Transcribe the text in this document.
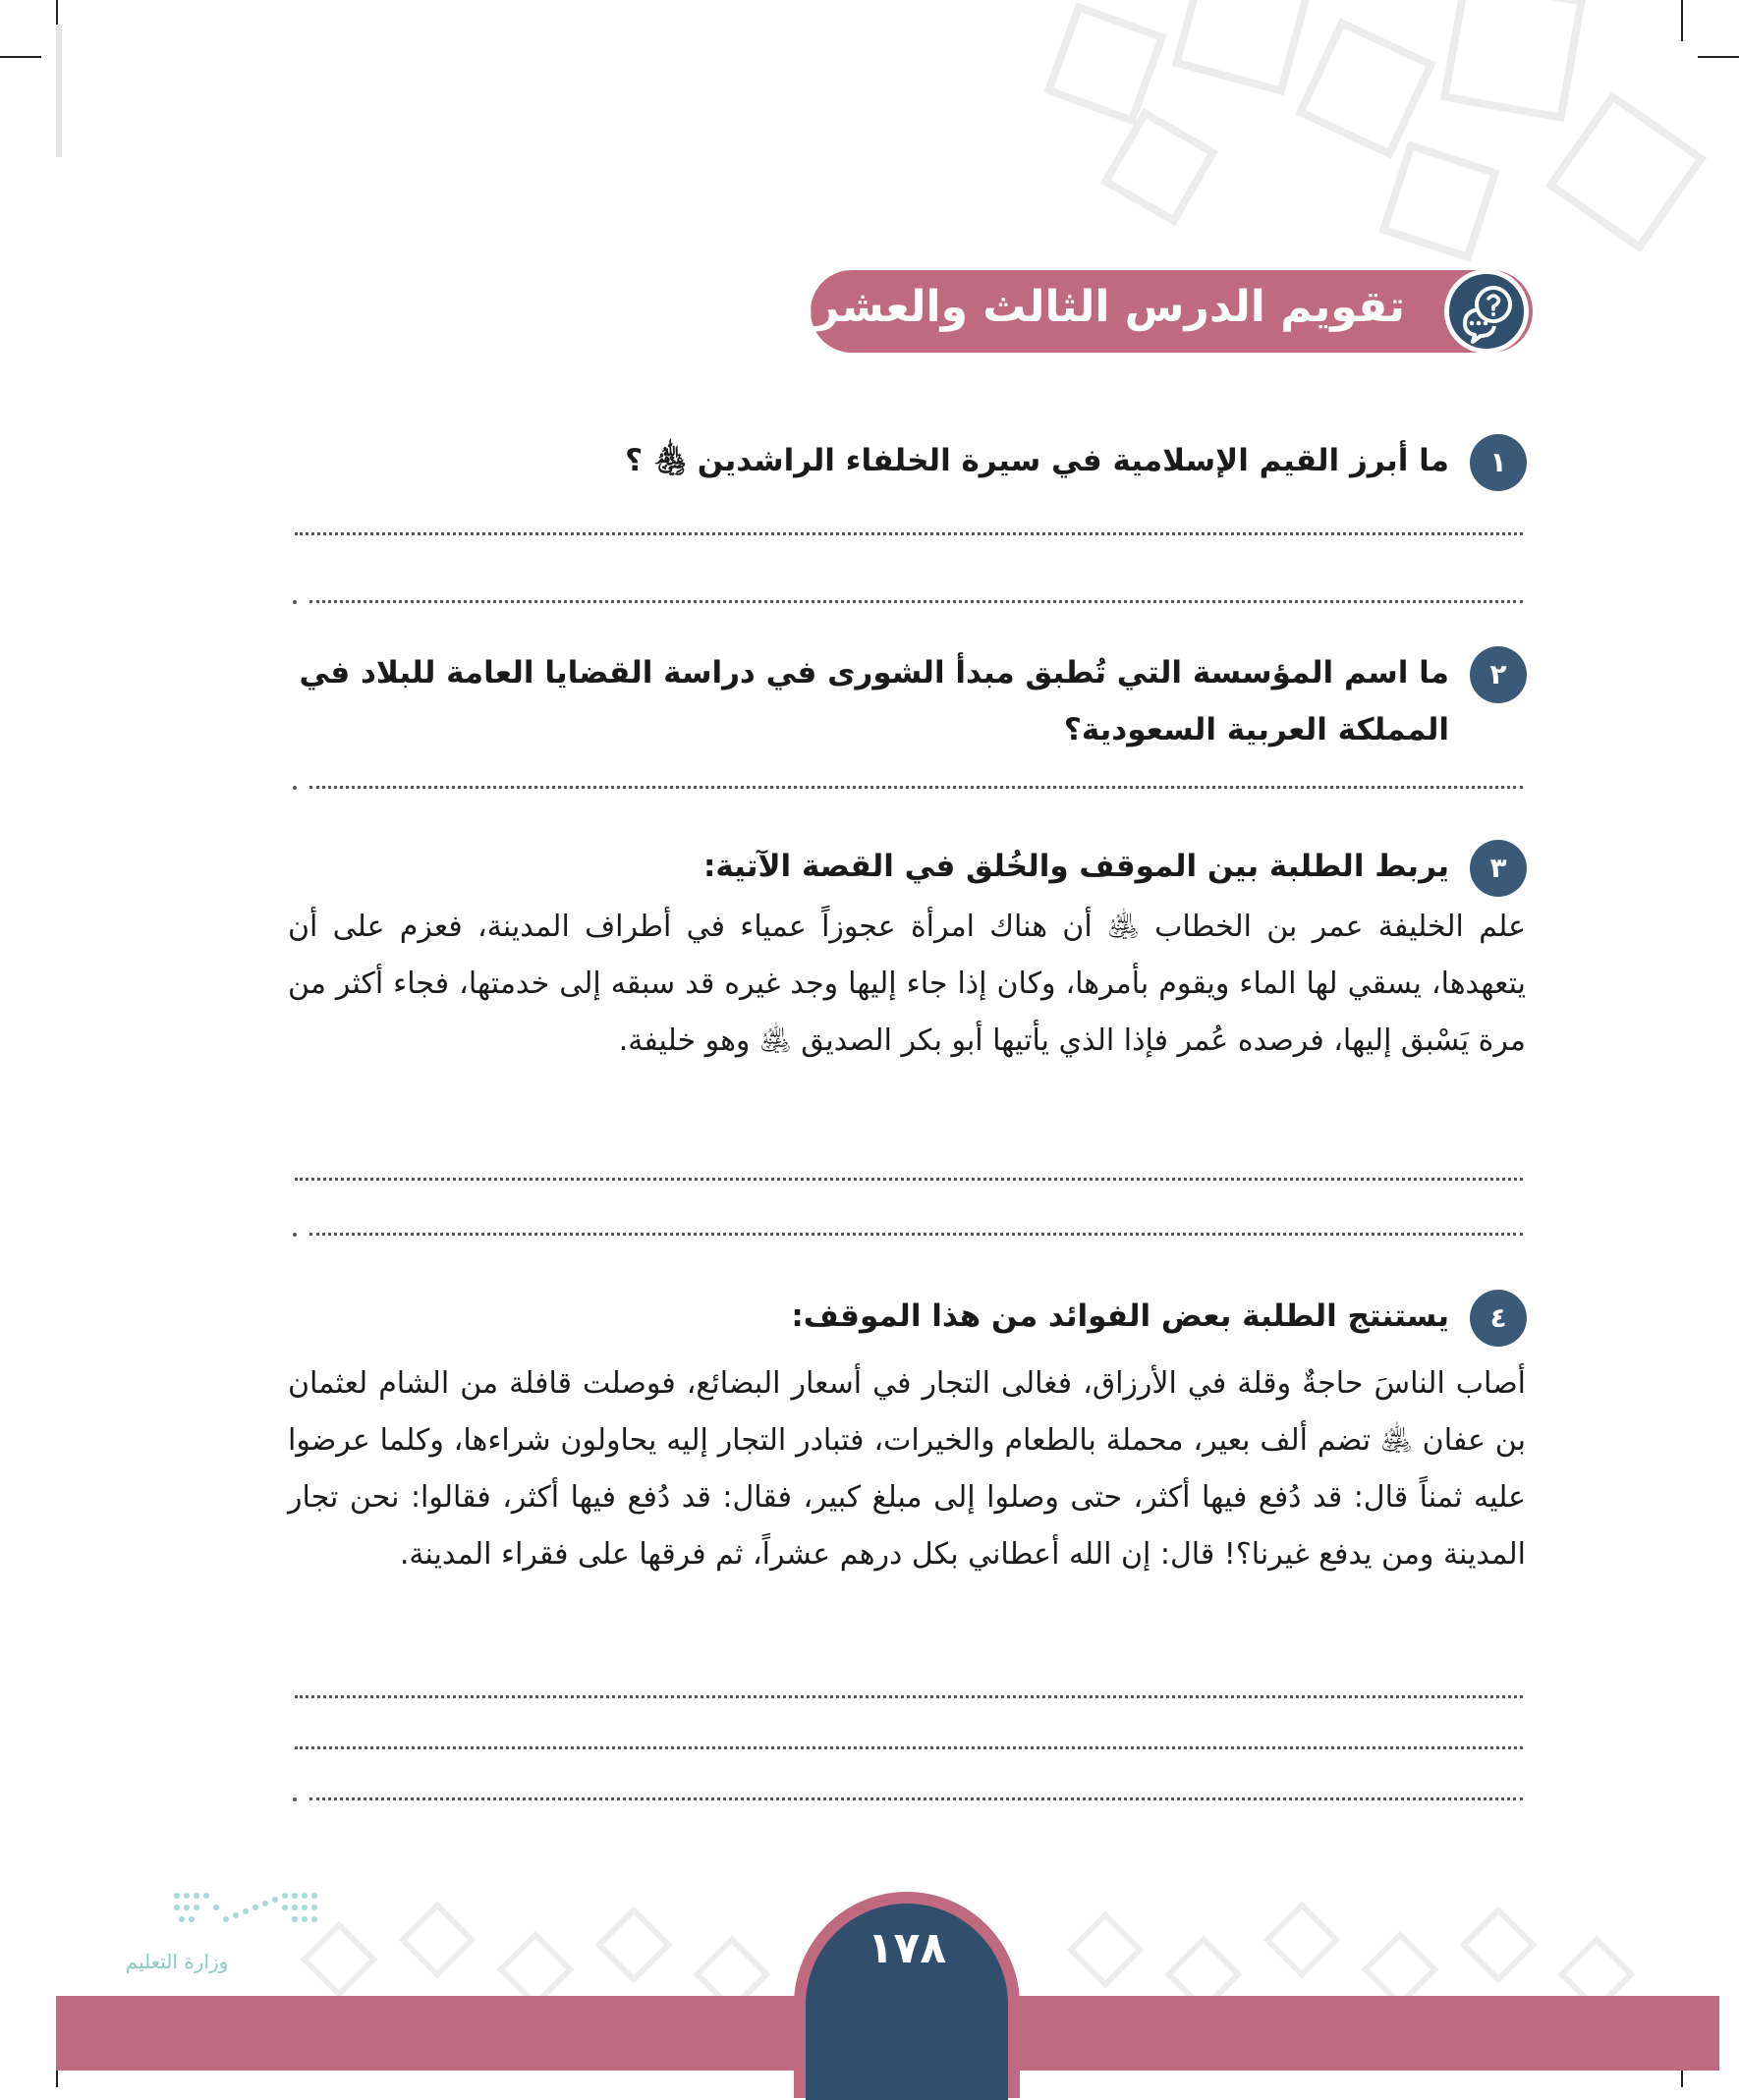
تقويم الدرس الثالث والعشرين
١
ما أبرز القيم الإسلامية في سيرة الخلفاء الراشدين ﵃ ؟
٢
ما اسم المؤسسة التي تُطبق مبدأ الشورى في دراسة القضايا العامة للبلاد في المملكة العربية السعودية؟
٣
يربط الطلبة بين الموقف والخُلق في القصة الآتية:
علم الخليفة عمر بن الخطاب ﵁ أن هناك امرأة عجوزاً عمياء في أطراف المدينة، فعزم على أن يتعهدها، يسقي لها الماء ويقوم بأمرها، وكان إذا جاء إليها وجد غيره قد سبقه إلى خدمتها، فجاء أكثر من مرة يَسْبق إليها، فرصده عُمر فإذا الذي يأتيها أبو بكر الصديق ﵁ وهو خليفة.
٤
يستنتج الطلبة بعض الفوائد من هذا الموقف:
أصاب الناسَ حاجةٌ وقلة في الأرزاق، فغالى التجار في أسعار البضائع، فوصلت قافلة من الشام لعثمان بن عفان ﵁ تضم ألف بعير، محملة بالطعام والخيرات، فتبادر التجار إليه يحاولون شراءها، وكلما عرضوا عليه ثمناً قال: قد دُفع فيها أكثر، حتى وصلوا إلى مبلغ كبير، فقال: قد دُفع فيها أكثر، فقالوا: نحن تجار المدينة ومن يدفع غيرنا؟! قال: إن الله أعطاني بكل درهم عشراً، ثم فرقها على فقراء المدينة.
وزارة التعليم	١٧٨
